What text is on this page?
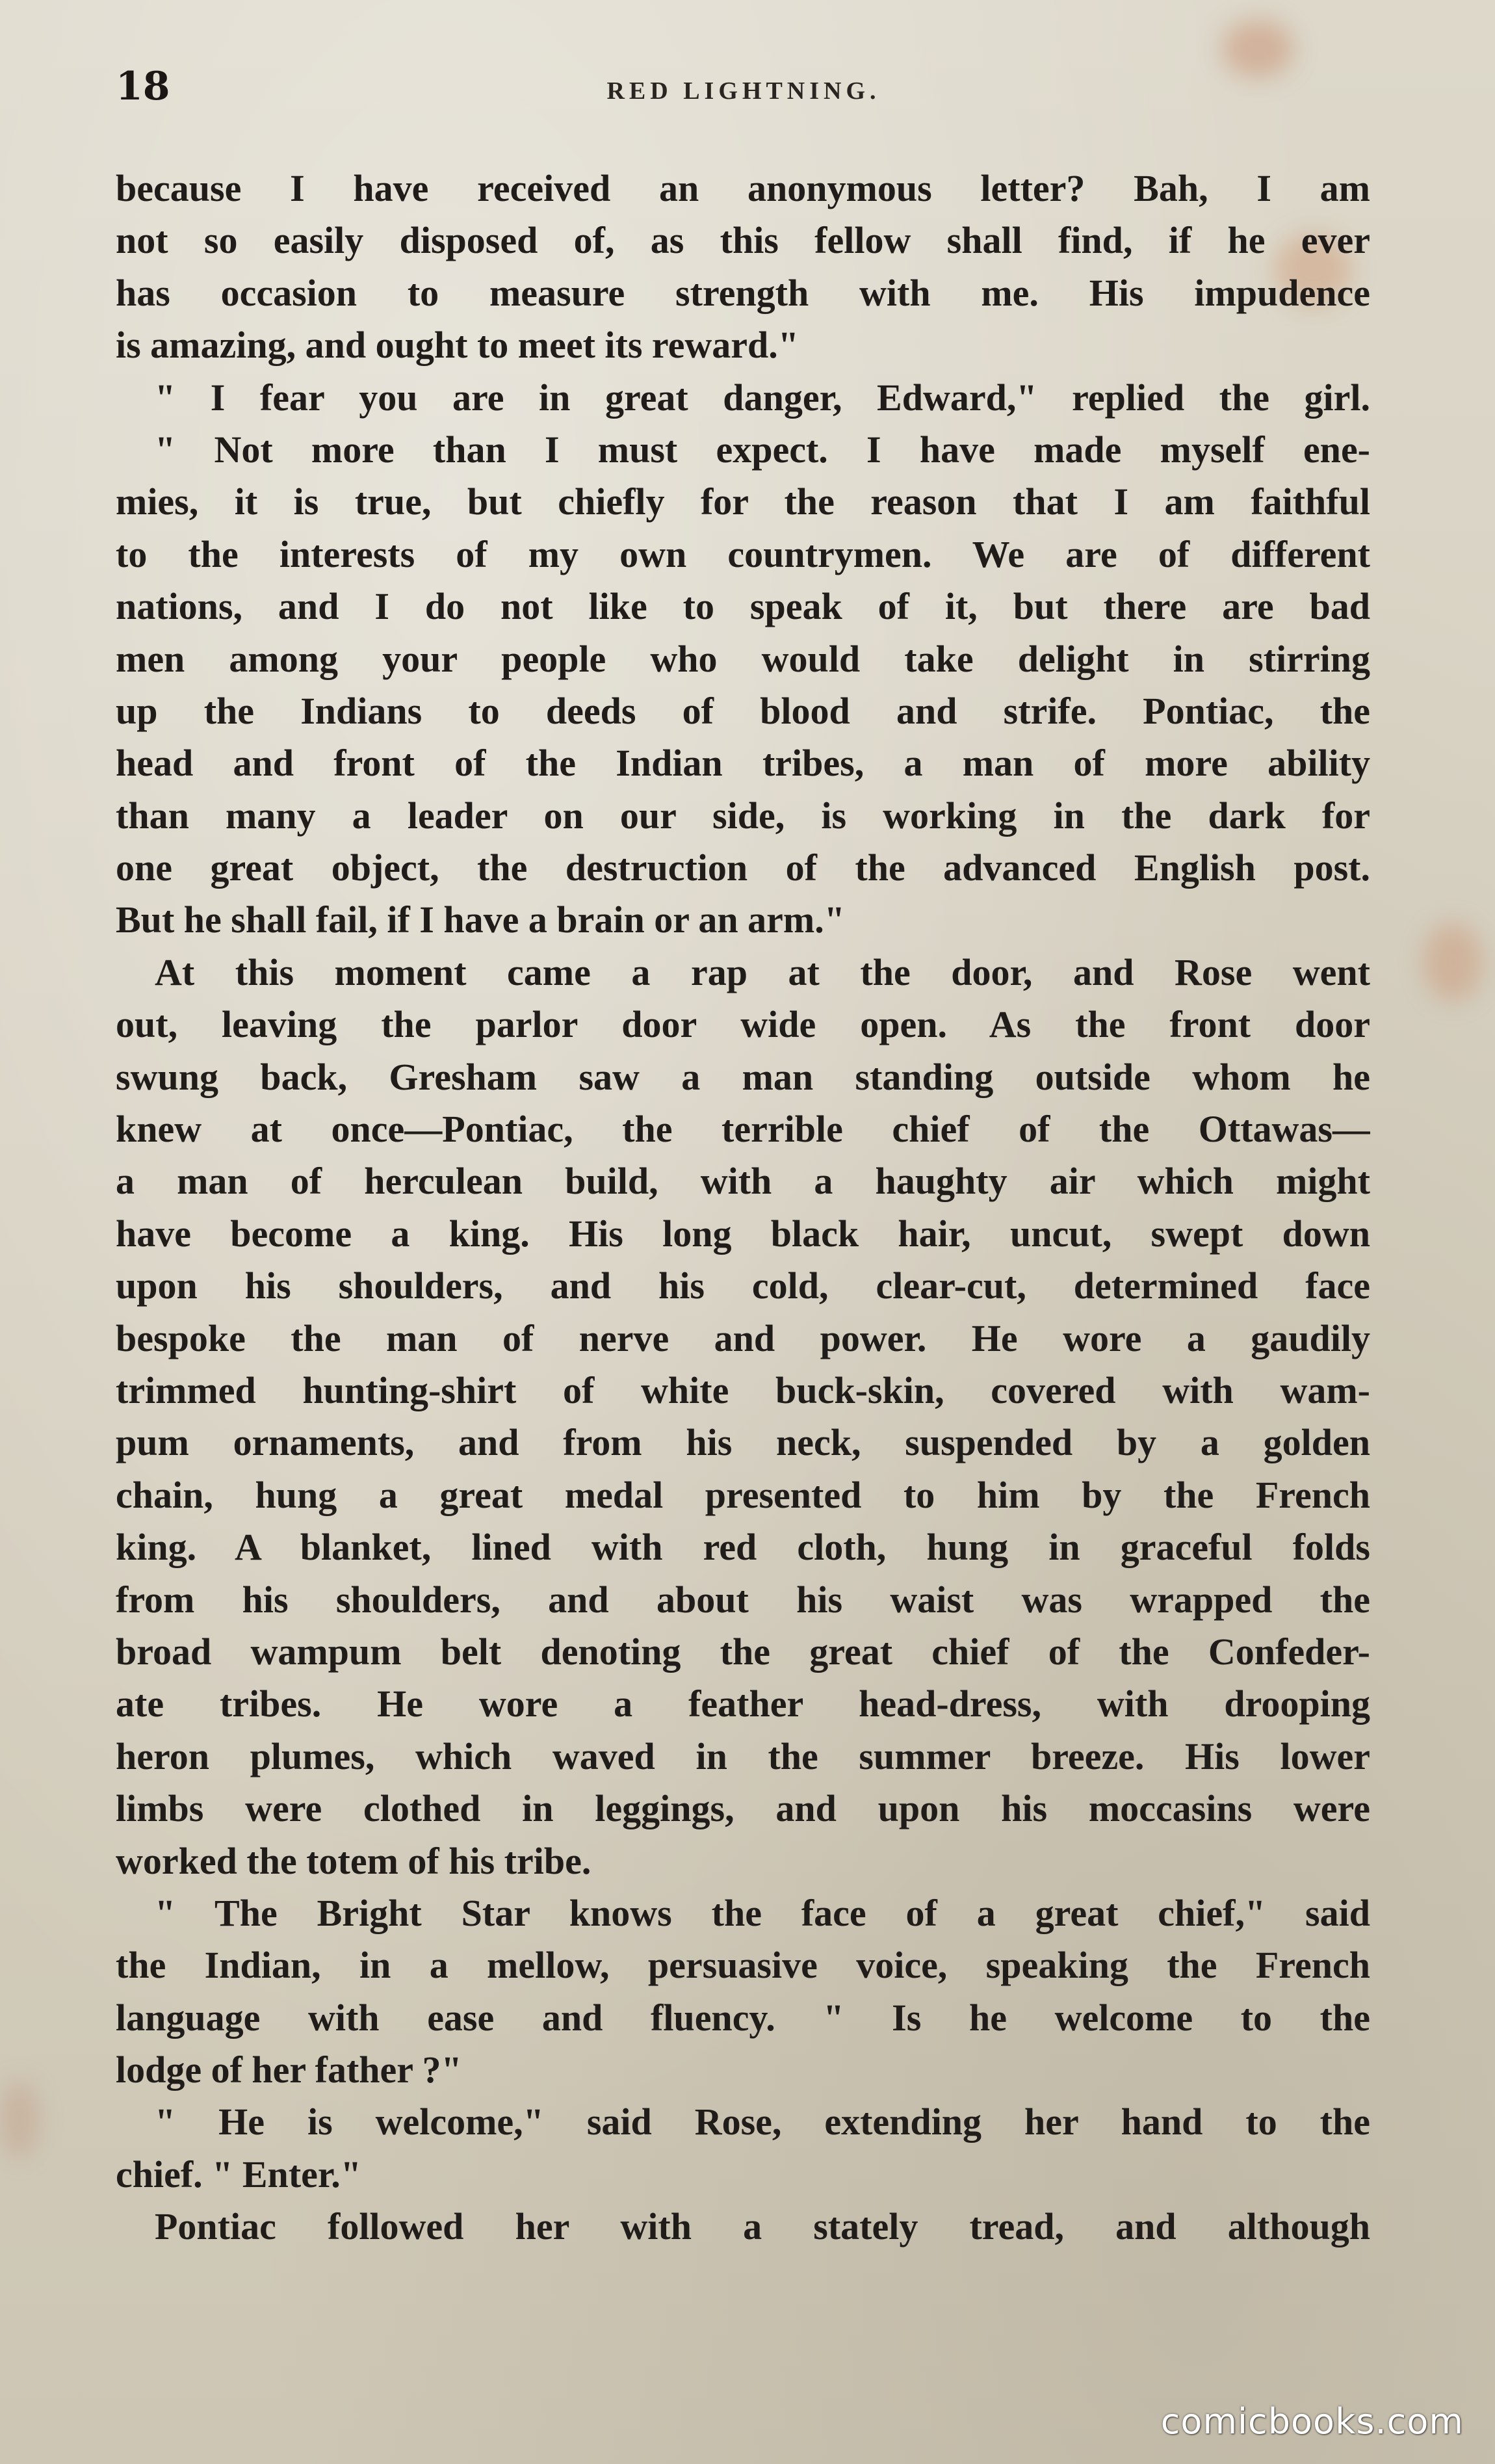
18	RED LIGHTNING.
because I have received an anonymous letter? Bah, I am
not so easily disposed of, as this fellow shall find, if he ever
has occasion to measure strength with me. His impudence
is amazing, and ought to meet its reward."
" I fear you are in great danger, Edward," replied the girl.
" Not more than I must expect. I have made myself ene-
mies, it is true, but chiefly for the reason that I am faithful
to the interests of my own countrymen. We are of different
nations, and I do not like to speak of it, but there are bad
men among your people who would take delight in stirring
up the Indians to deeds of blood and strife. Pontiac, the
head and front of the Indian tribes, a man of more ability
than many a leader on our side, is working in the dark for
one great object, the destruction of the advanced English post.
But he shall fail, if I have a brain or an arm."
At this moment came a rap at the door, and Rose went
out, leaving the parlor door wide open. As the front door
swung back, Gresham saw a man standing outside whom he
knew at once—Pontiac, the terrible chief of the Ottawas—
a man of herculean build, with a haughty air which might
have become a king. His long black hair, uncut, swept down
upon his shoulders, and his cold, clear-cut, determined face
bespoke the man of nerve and power. He wore a gaudily
trimmed hunting-shirt of white buck-skin, covered with wam-
pum ornaments, and from his neck, suspended by a golden
chain, hung a great medal presented to him by the French
king. A blanket, lined with red cloth, hung in graceful folds
from his shoulders, and about his waist was wrapped the
broad wampum belt denoting the great chief of the Confeder-
ate tribes. He wore a feather head-dress, with drooping
heron plumes, which waved in the summer breeze. His lower
limbs were clothed in leggings, and upon his moccasins were
worked the totem of his tribe.
" The Bright Star knows the face of a great chief," said
the Indian, in a mellow, persuasive voice, speaking the French
language with ease and fluency. " Is he welcome to the
lodge of her father ?"
" He is welcome," said Rose, extending her hand to the
chief. " Enter."
Pontiac followed her with a stately tread, and although
comicbooks.com
